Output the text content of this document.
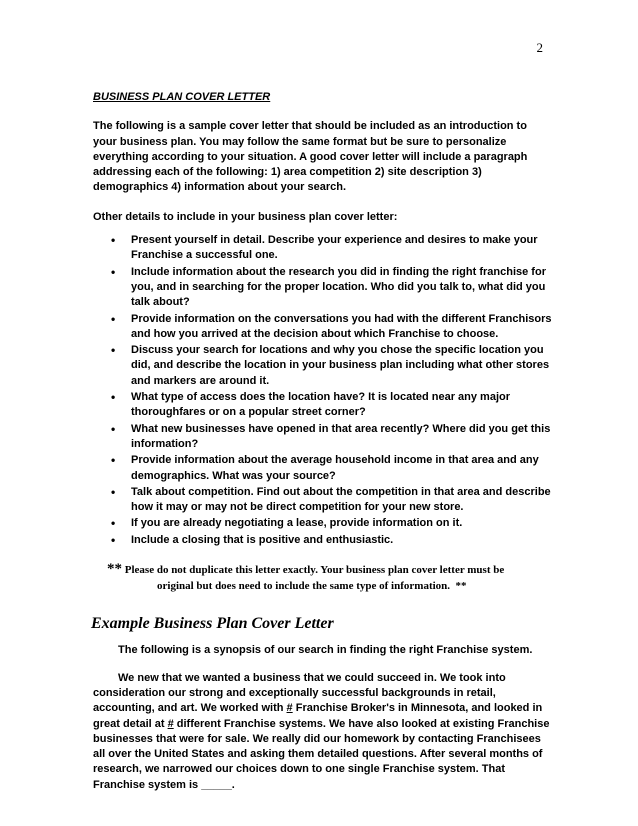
2

BUSINESS PLAN COVER LETTER

The following is a sample cover letter that should be included as an introduction to your business plan. You may follow the same format but be sure to personalize everything according to your situation. A good cover letter will include a paragraph addressing each of the following: 1) area competition 2) site description 3) demographics 4) information about your search.

Other details to include in your business plan cover letter:

• Present yourself in detail. Describe your experience and desires to make your Franchise a successful one.
• Include information about the research you did in finding the right franchise for you, and in searching for the proper location. Who did you talk to, what did you talk about?
• Provide information on the conversations you had with the different Franchisors and how you arrived at the decision about which Franchise to choose.
• Discuss your search for locations and why you chose the specific location you did, and describe the location in your business plan including what other stores and markers are around it.
• What type of access does the location have? It is located near any major thoroughfares or on a popular street corner?
• What new businesses have opened in that area recently? Where did you get this information?
• Provide information about the average household income in that area and any demographics. What was your source?
• Talk about competition. Find out about the competition in that area and describe how it may or may not be direct competition for your new store.
• If you are already negotiating a lease, provide information on it.
• Include a closing that is positive and enthusiastic.
** Please do not duplicate this letter exactly. Your business plan cover letter must be
original but does need to include the same type of information. **
Example Business Plan Cover Letter

The following is a synopsis of our search in finding the right Franchise system.

We new that we wanted a business that we could succeed in. We took into consideration our strong and exceptionally successful backgrounds in retail, accounting, and art. We worked with # Franchise Broker's in Minnesota, and looked in great detail at # different Franchise systems. We have also looked at existing Franchise businesses that were for sale. We really did our homework by contacting Franchisees all over the United States and asking them detailed questions. After several months of research, we narrowed our choices down to one single Franchise system. That Franchise system is _____.
